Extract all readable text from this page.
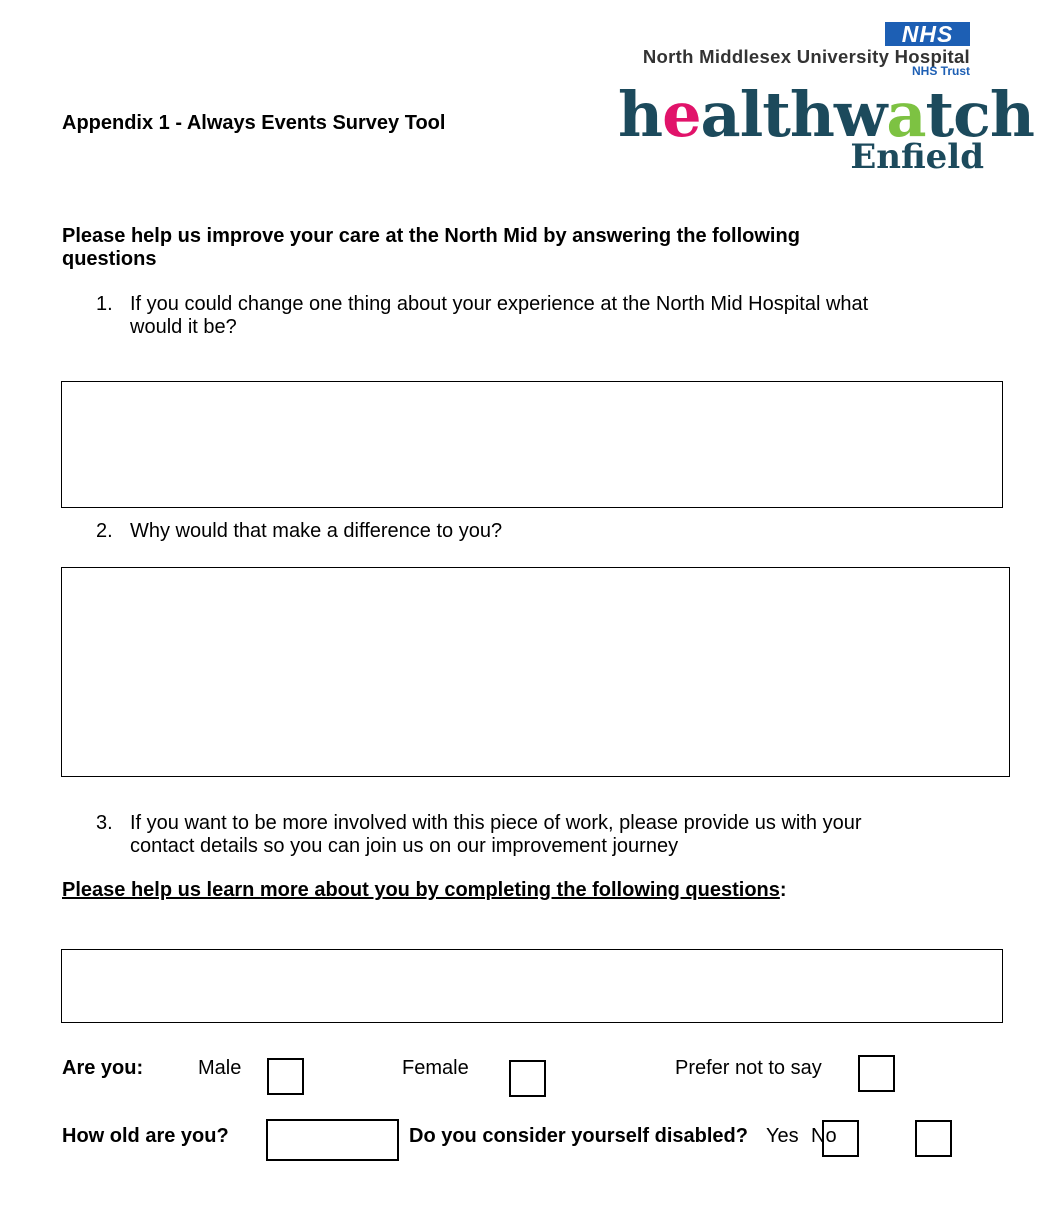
NHS
North Middlesex University Hospital
NHS Trust
healthwatch
Enfield
Appendix 1 - Always Events Survey Tool
Please help us improve your care at the North Mid by answering the following
questions
1. If you could change one thing about your experience at the North Mid Hospital what
would it be?
2. Why would that make a difference to you?
3. If you want to be more involved with this piece of work, please provide us with your
contact details so you can join us on our improvement journey
Please help us learn more about you by completing the following questions:
Are you:	Male	Female	Prefer not to say
How old are you?	Do you consider yourself disabled? Yes No
